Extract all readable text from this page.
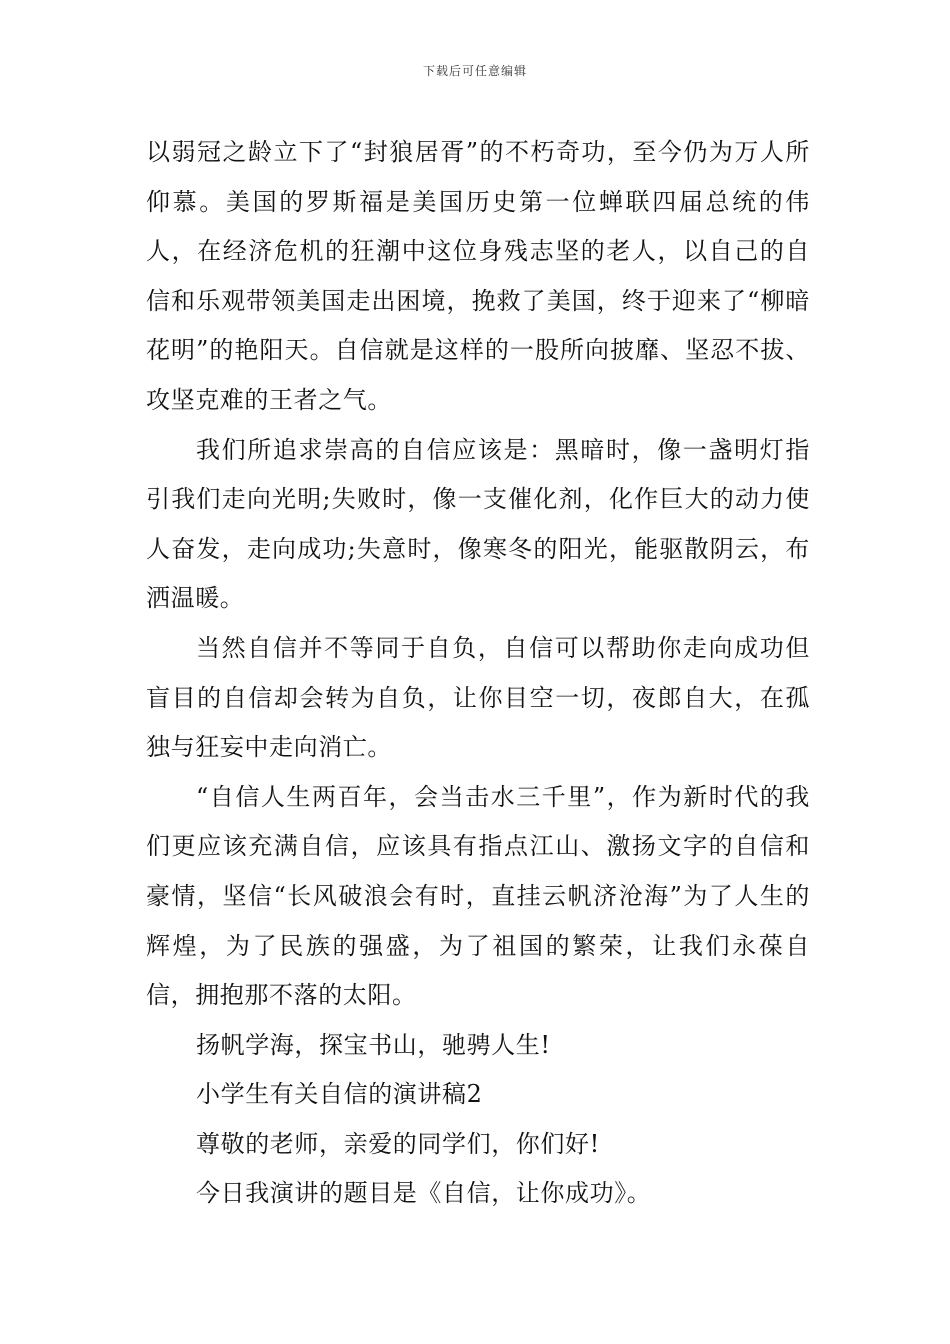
下载后可任意编辑

以弱冠之龄立下了“封狼居胥”的不朽奇功，至今仍为万人所仰慕。美国的罗斯福是美国历史第一位蝉联四届总统的伟人，在经济危机的狂潮中这位身残志坚的老人，以自己的自信和乐观带领美国走出困境，挽救了美国，终于迎来了“柳暗花明”的艳阳天。自信就是这样的一股所向披靡、坚忍不拔、攻坚克难的王者之气。

我们所追求崇高的自信应该是：黑暗时，像一盏明灯指引我们走向光明;失败时，像一支催化剂，化作巨大的动力使人奋发，走向成功;失意时，像寒冬的阳光，能驱散阴云，布洒温暖。

当然自信并不等同于自负，自信可以帮助你走向成功但盲目的自信却会转为自负，让你目空一切，夜郎自大，在孤独与狂妄中走向消亡。

“自信人生两百年，会当击水三千里”，作为新时代的我们更应该充满自信，应该具有指点江山、激扬文字的自信和豪情，坚信“长风破浪会有时，直挂云帆济沧海”为了人生的辉煌，为了民族的强盛，为了祖国的繁荣，让我们永葆自信，拥抱那不落的太阳。

扬帆学海，探宝书山，驰骋人生!

小学生有关自信的演讲稿2

尊敬的老师，亲爱的同学们，你们好!

今日我演讲的题目是《自信，让你成功》。
